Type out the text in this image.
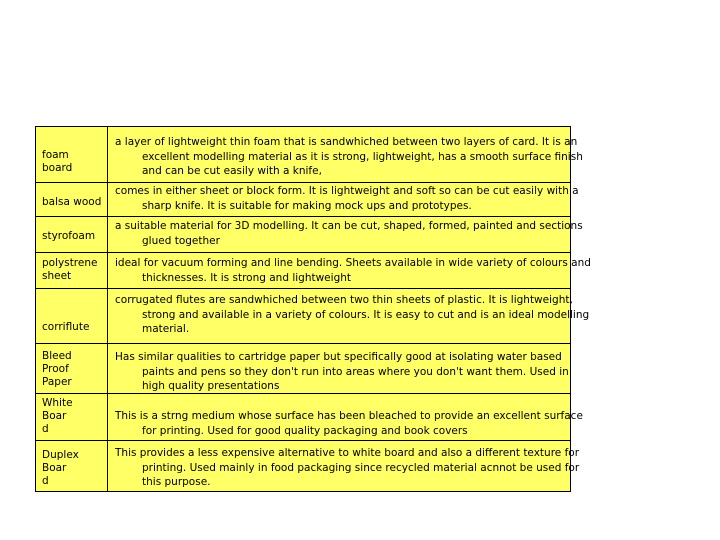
foam
board
a layer of lightweight thin foam that is sandwhiched between two layers of card. It is an excellent modelling material as it is strong, lightweight, has a smooth surface finish and can be cut easily with a knife,
balsa wood
comes in either sheet or block form. It is lightweight and soft so can be cut easily with a sharp knife. It is suitable for making mock ups and prototypes.
styrofoam
a suitable material for 3D modelling. It can be cut, shaped, formed, painted and sections glued together
polystrene
sheet
ideal for vacuum forming and line bending. Sheets available in wide variety of colours and thicknesses. It is strong and lightweight
corriflute
corrugated flutes are sandwhiched between two thin sheets of plastic. It is lightweight, strong and available in a variety of colours. It is easy to cut and is an ideal modelling material.
Bleed
Proof
Paper
Has similar qualities to cartridge paper but specifically good at isolating water based paints and pens so they don't run into areas where you don't want them. Used in high quality presentations
White
Boar
d
This is a strng medium whose surface has been bleached to provide an excellent surface for printing. Used for good quality packaging and book covers
Duplex
Boar
d
This provides a less expensive alternative to white board and also a different texture for printing. Used mainly in food packaging since recycled material acnnot be used for this purpose.
